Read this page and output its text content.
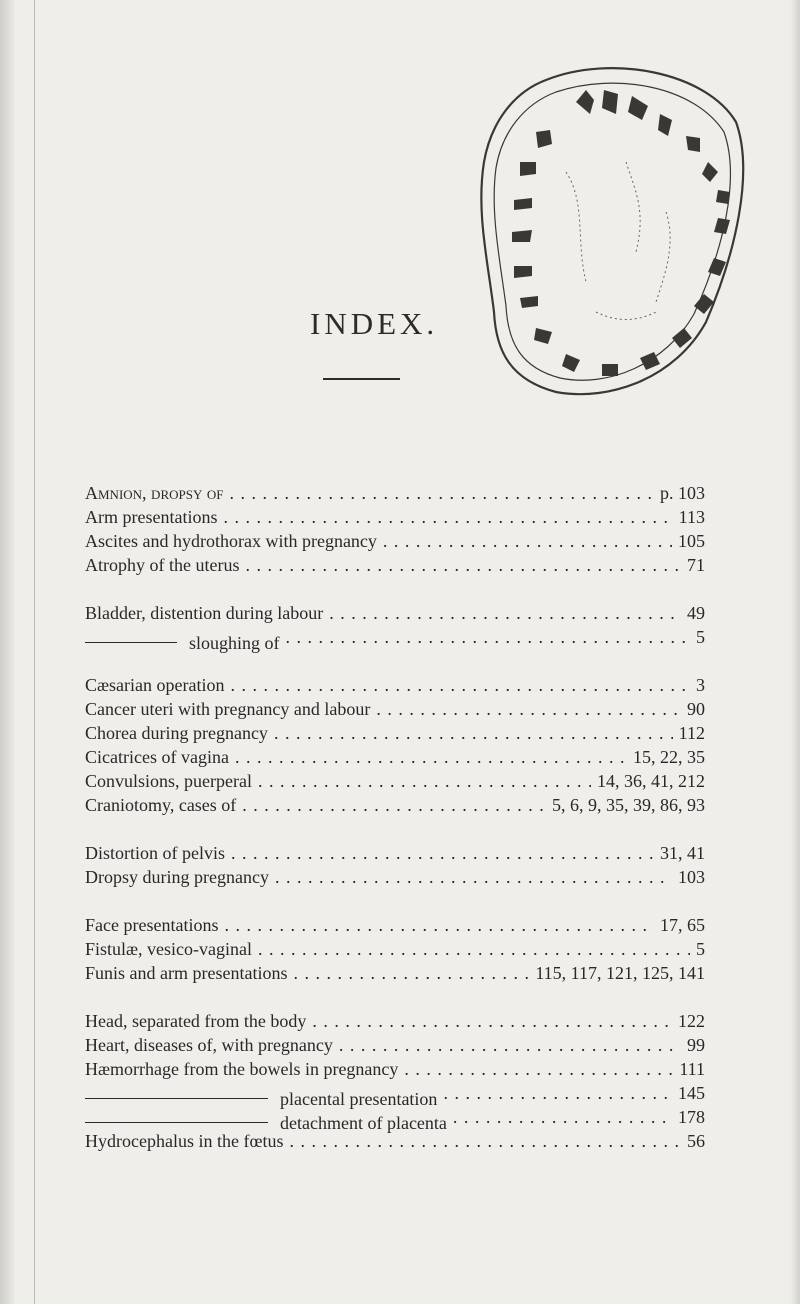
INDEX.
Amnion, dropsy of . . .	p. 103
Arm presentations . . .	113
Ascites and hydrothorax with pregnancy . . .	105
Atrophy of the uterus . . .	71
Bladder, distention during labour . . .	49
sloughing of . . .	5
Cæsarian operation . . .	3
Cancer uteri with pregnancy and labour . . .	90
Chorea during pregnancy . . .	112
Cicatrices of vagina . . .	15, 22, 35
Convulsions, puerperal . . .	14, 36, 41, 212
Craniotomy, cases of . . .	5, 6, 9, 35, 39, 86, 93
Distortion of pelvis . . .	31, 41
Dropsy during pregnancy . . .	103
Face presentations . . .	17, 65
Fistulæ, vesico-vaginal . . .	5
Funis and arm presentations . . .	115, 117, 121, 125, 141
Head, separated from the body . . .	122
Heart, diseases of, with pregnancy . . .	99
Hæmorrhage from the bowels in pregnancy . . .	111
placental presentation . . .	145
detachment of placenta . . .	178
Hydrocephalus in the fœtus . . .	56
